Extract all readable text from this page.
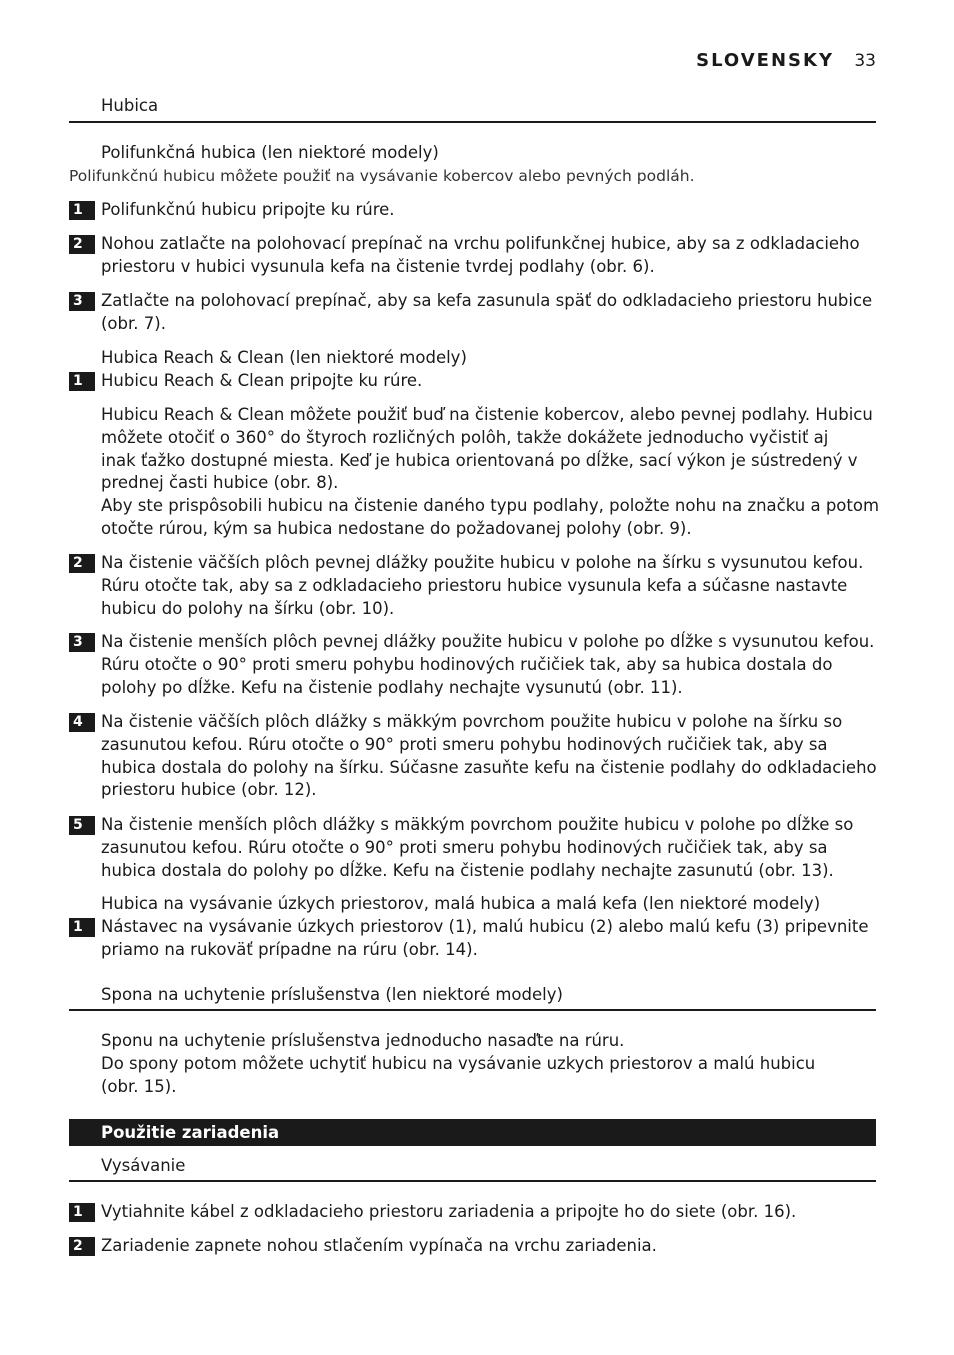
SLOVENSKY 33
Hubica
Polifunkčná hubica (len niektoré modely)
Polifunkčnú hubicu môžete použiť na vysávanie kobercov alebo pevných podláh.
1	Polifunkčnú hubicu pripojte ku rúre.
2	Nohou zatlačte na polohovací prepínač na vrchu polifunkčnej hubice, aby sa z odkladacieho
priestoru v hubici vysunula kefa na čistenie tvrdej podlahy (obr. 6).
3	Zatlačte na polohovací prepínač, aby sa kefa zasunula späť do odkladacieho priestoru hubice
(obr. 7).
Hubica Reach & Clean (len niektoré modely)
1	Hubicu Reach & Clean pripojte ku rúre.
Hubicu Reach & Clean môžete použiť buď na čistenie kobercov, alebo pevnej podlahy. Hubicu
môžete otočiť o 360° do štyroch rozličných polôh, takže dokážete jednoducho vyčistiť aj
inak ťažko dostupné miesta. Keď je hubica orientovaná po dĺžke, sací výkon je sústredený v
prednej časti hubice (obr. 8).
Aby ste prispôsobili hubicu na čistenie daného typu podlahy, položte nohu na značku a potom
otočte rúrou, kým sa hubica nedostane do požadovanej polohy (obr. 9).
2	Na čistenie väčších plôch pevnej dlážky použite hubicu v polohe na šírku s vysunutou kefou.
Rúru otočte tak, aby sa z odkladacieho priestoru hubice vysunula kefa a súčasne nastavte
hubicu do polohy na šírku (obr. 10).
3	Na čistenie menších plôch pevnej dlážky použite hubicu v polohe po dĺžke s vysunutou kefou.
Rúru otočte o 90° proti smeru pohybu hodinových ručičiek tak, aby sa hubica dostala do
polohy po dĺžke. Kefu na čistenie podlahy nechajte vysunutú (obr. 11).
4	Na čistenie väčších plôch dlážky s mäkkým povrchom použite hubicu v polohe na šírku so
zasunutou kefou. Rúru otočte o 90° proti smeru pohybu hodinových ručičiek tak, aby sa
hubica dostala do polohy na šírku. Súčasne zasuňte kefu na čistenie podlahy do odkladacieho
priestoru hubice (obr. 12).
5	Na čistenie menších plôch dlážky s mäkkým povrchom použite hubicu v polohe po dĺžke so
zasunutou kefou. Rúru otočte o 90° proti smeru pohybu hodinových ručičiek tak, aby sa
hubica dostala do polohy po dĺžke. Kefu na čistenie podlahy nechajte zasunutú (obr. 13).
Hubica na vysávanie úzkych priestorov, malá hubica a malá kefa (len niektoré modely)
1	Nástavec na vysávanie úzkych priestorov (1), malú hubicu (2) alebo malú kefu (3) pripevnite
priamo na rukoväť prípadne na rúru (obr. 14).
Spona na uchytenie príslušenstva (len niektoré modely)
Sponu na uchytenie príslušenstva jednoducho nasaďte na rúru.
Do spony potom môžete uchytiť hubicu na vysávanie uzkych priestorov a malú hubicu
(obr. 15).
Použitie zariadenia
Vysávanie
1	Vytiahnite kábel z odkladacieho priestoru zariadenia a pripojte ho do siete (obr. 16).
2	Zariadenie zapnete nohou stlačením vypínača na vrchu zariadenia.
